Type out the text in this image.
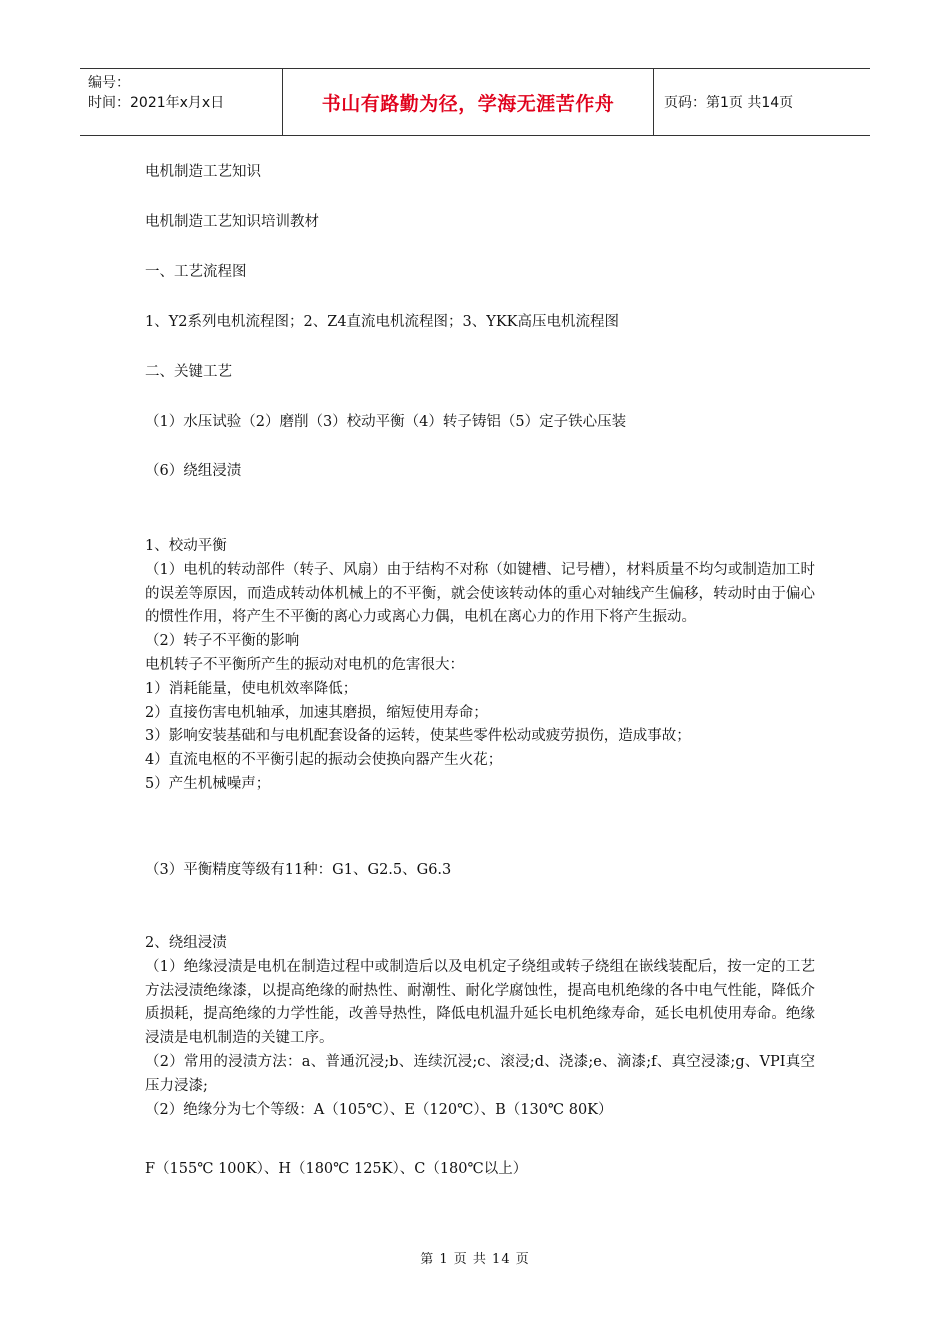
编号：
时间：2021年x月x日	书山有路勤为径，学海无涯苦作舟	页码：第1页 共14页
电机制造工艺知识
电机制造工艺知识培训教材
一、工艺流程图
1、Y2系列电机流程图；2、Z4直流电机流程图；3、YKK高压电机流程图
二、关键工艺
（1）水压试验（2）磨削（3）校动平衡（4）转子铸铝（5）定子铁心压装
（6）绕组浸渍
1、校动平衡
（1）电机的转动部件（转子、风扇）由于结构不对称（如键槽、记号槽），材料质量不均匀或制造加工时的误差等原因，而造成转动体机械上的不平衡，就会使该转动体的重心对轴线产生偏移，转动时由于偏心的惯性作用，将产生不平衡的离心力或离心力偶，电机在离心力的作用下将产生振动。
（2）转子不平衡的影响
电机转子不平衡所产生的振动对电机的危害很大：
1）消耗能量，使电机效率降低；
2）直接伤害电机轴承，加速其磨损，缩短使用寿命；
3）影响安装基础和与电机配套设备的运转，使某些零件松动或疲劳损伤，造成事故；
4）直流电枢的不平衡引起的振动会使换向器产生火花；
5）产生机械噪声；
（3）平衡精度等级有11种：G1、G2.5、G6.3
2、绕组浸渍
（1）绝缘浸渍是电机在制造过程中或制造后以及电机定子绕组或转子绕组在嵌线装配后，按一定的工艺方法浸渍绝缘漆，以提高绝缘的耐热性、耐潮性、耐化学腐蚀性，提高电机绝缘的各中电气性能，降低介质损耗，提高绝缘的力学性能，改善导热性，降低电机温升延长电机绝缘寿命，延长电机使用寿命。绝缘浸渍是电机制造的关键工序。
（2）常用的浸渍方法：a、普通沉浸;b、连续沉浸;c、滚浸;d、浇漆;e、滴漆;f、真空浸漆;g、VPI真空压力浸漆;
（2）绝缘分为七个等级：A（105℃）、E（120℃）、B（130℃ 80K）
F（155℃ 100K）、H（180℃ 125K）、C（180℃以上）
第 1 页 共 14 页
